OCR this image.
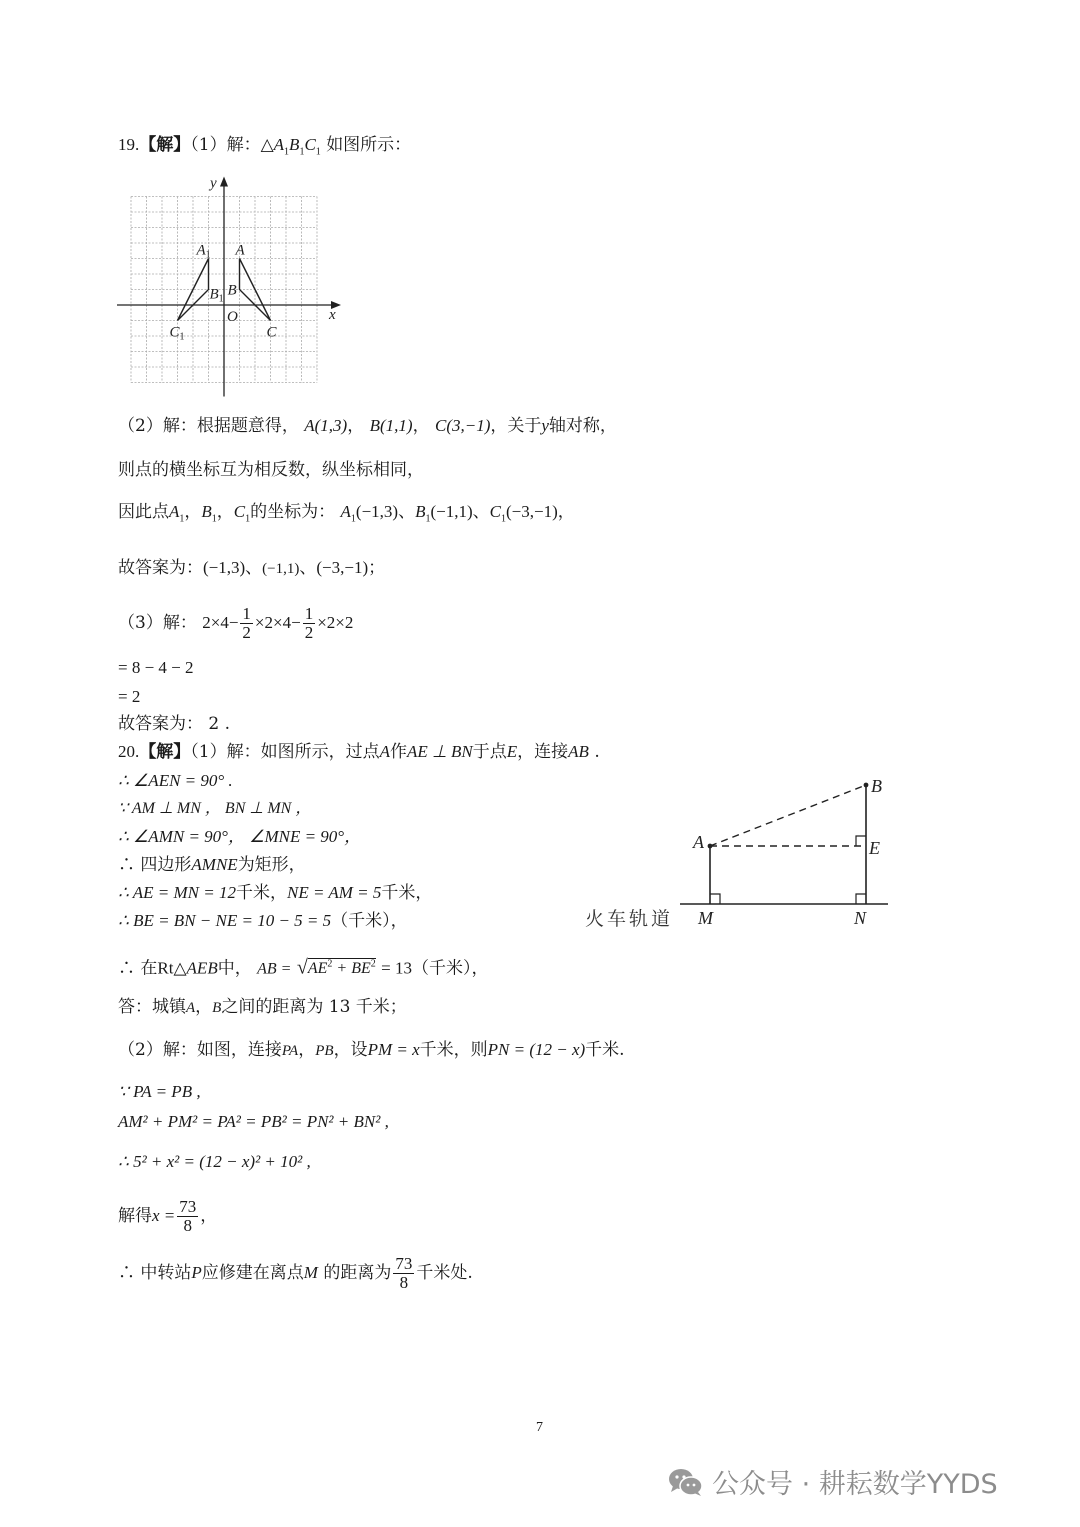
19.【解】（1）解：$\triangle A_1B_1C_1$ 如图所示：
A
B
C
$A_1$
$B_1$
$C_1$
O	x
y
（2）解：根据题意得， A(1,3)， B(1,1)， C(3,−1)，关于y轴对称，
则点的横坐标互为相反数，纵坐标相同，
因此点$A_1$，$B_1$，$C_1$的坐标为： $A_1(-1,3)$、$B_1(-1,1)$、$C_1(-3,-1)$，
故答案为：(−1,3)、(−1,1)、(−3,−1)；
（3）解： $2\times 4- \frac{1}{2} \times 2\times 4- \frac{1}{2} \times 2\times 2$
= 8 − 4 − 2
= 2
故答案为： 2 .
20.【解】（1）解：如图所示，过点A作AE ⊥ BN于点E，连接AB .
∴ ∠AEN = 90° .
∵ AM ⊥ MN ， BN ⊥ MN ，
∴ ∠AMN = 90°， ∠MNE = 90°，
∴ 四边形AMNE为矩形，
∴ AE = MN = 12千米，NE = AM = 5千米，
∴ BE = BN − NE = 10 − 5 = 5（千米），
A
B
E
M	N
火车轨道
∴ 在Rt△AEB中， AB = $√AE^2 + BE^2 = 13$（千米），
答：城镇A，B之间的距离为 13 千米；
（2）解：如图，连接PA，PB，设PM = x千米，则PN = (12 − x)千米.
∵ PA = PB ,
AM² + PM² = PA² = PB² = PN² + BN² ,
∴ 5² + x² = (12 − x)² + 10² ,
解得$x = \frac{73}{8}$ ，
∴ 中转站P应修建在离点M 的距离为 $\frac{73}{8}$ 千米处.
7
公众号 · 耕耘数学YYDS
